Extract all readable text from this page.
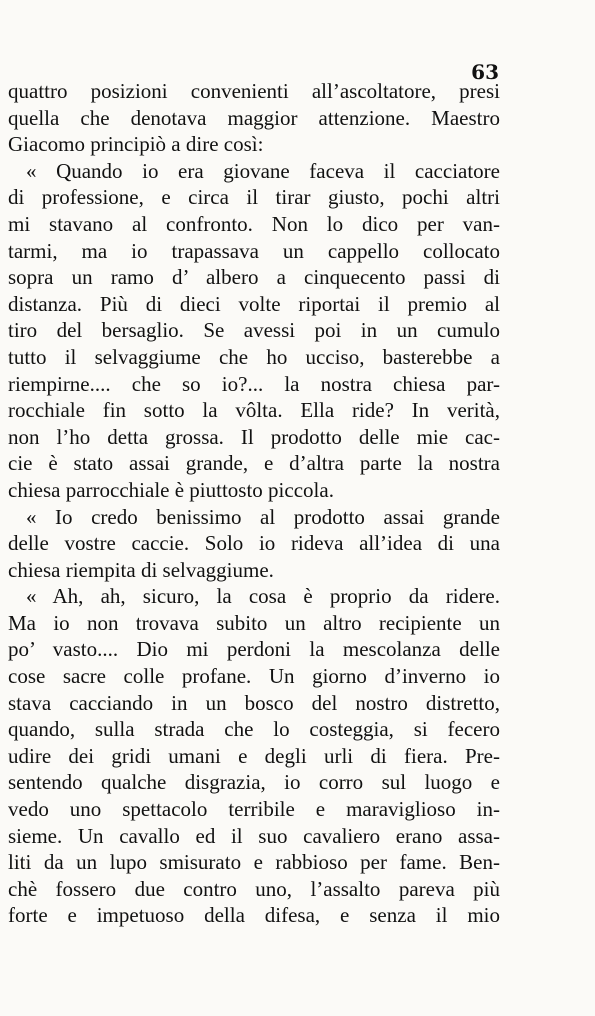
63
quattro posizioni convenienti all’ascoltatore, presi
quella che denotava maggior attenzione. Maestro
Giacomo principiò a dire così:
« Quando io era giovane faceva il cacciatore
di professione, e circa il tirar giusto, pochi altri
mi stavano al confronto. Non lo dico per van-
tarmi, ma io trapassava un cappello collocato
sopra un ramo d’ albero a cinquecento passi di
distanza. Più di dieci volte riportai il premio al
tiro del bersaglio. Se avessi poi in un cumulo
tutto il selvaggiume che ho ucciso, basterebbe a
riempirne.... che so io?... la nostra chiesa par-
rocchiale fin sotto la vôlta. Ella ride? In verità,
non l’ho detta grossa. Il prodotto delle mie cac-
cie è stato assai grande, e d’altra parte la nostra
chiesa parrocchiale è piuttosto piccola.
« Io credo benissimo al prodotto assai grande
delle vostre caccie. Solo io rideva all’idea di una
chiesa riempita di selvaggiume.
« Ah, ah, sicuro, la cosa è proprio da ridere.
Ma io non trovava subito un altro recipiente un
po’ vasto.... Dio mi perdoni la mescolanza delle
cose sacre colle profane. Un giorno d’inverno io
stava cacciando in un bosco del nostro distretto,
quando, sulla strada che lo costeggia, si fecero
udire dei gridi umani e degli urli di fiera. Pre-
sentendo qualche disgrazia, io corro sul luogo e
vedo uno spettacolo terribile e maraviglioso in-
sieme. Un cavallo ed il suo cavaliero erano assa-
liti da un lupo smisurato e rabbioso per fame. Ben-
chè fossero due contro uno, l’assalto pareva più
forte e impetuoso della difesa, e senza il mio
